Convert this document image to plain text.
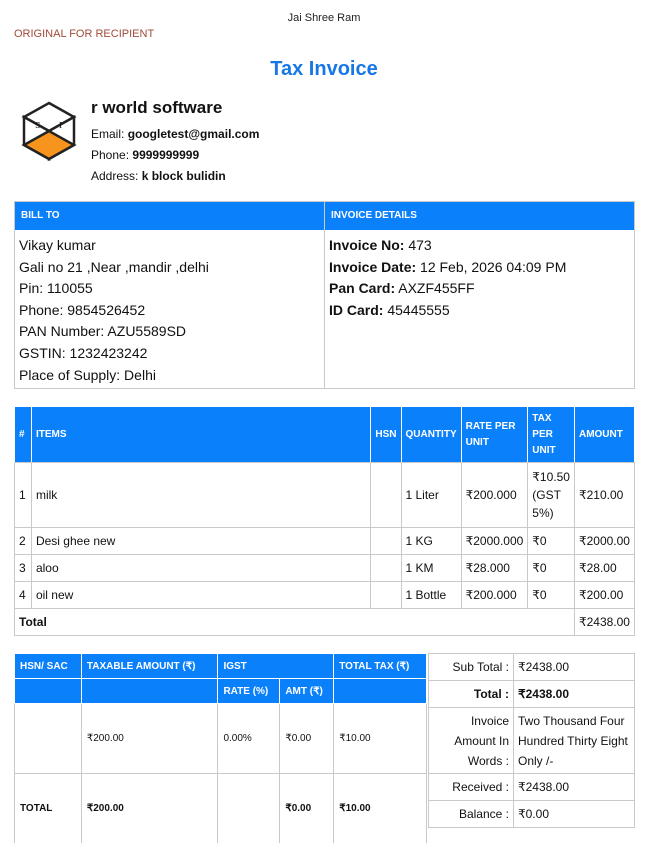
Jai Shree Ram
ORIGINAL FOR RECIPIENT
Tax Invoice
S I
r world software
Email: googletest@gmail.com
Phone: 9999999999
Address: k block bulidin
BILL TO
Vikay kumar
Gali no 21 ,Near ,mandir ,delhi
Pin: 110055
Phone: 9854526452
PAN Number: AZU5589SD
GSTIN: 1232423242
Place of Supply: Delhi
INVOICE DETAILS
Invoice No: 473
Invoice Date: 12 Feb, 2026 04:09 PM
Pan Card: AXZF455FF
ID Card: 45445555
#	ITEMS	HSN	QUANTITY	RATE PER UNIT	TAX PER UNIT	AMOUNT
1	milk		1 Liter	₹200.000	₹10.50 (GST 5%)	₹210.00
2	Desi ghee new		1 KG	₹2000.000	₹0	₹2000.00
3	aloo		1 KM	₹28.000	₹0	₹28.00
4	oil new		1 Bottle	₹200.000	₹0	₹200.00
Total						₹2438.00
HSN/ SAC	TAXABLE AMOUNT (₹)	IGST		TOTAL TAX (₹)
		RATE (%)	AMT (₹)	
	₹200.00	0.00%	₹0.00	₹10.00
TOTAL	₹200.00		₹0.00	₹10.00
Sub Total :	₹2438.00
Total :	₹2438.00
Invoice Amount In Words :	Two Thousand Four Hundred Thirty Eight Only /-
Received :	₹2438.00
Balance :	₹0.00
